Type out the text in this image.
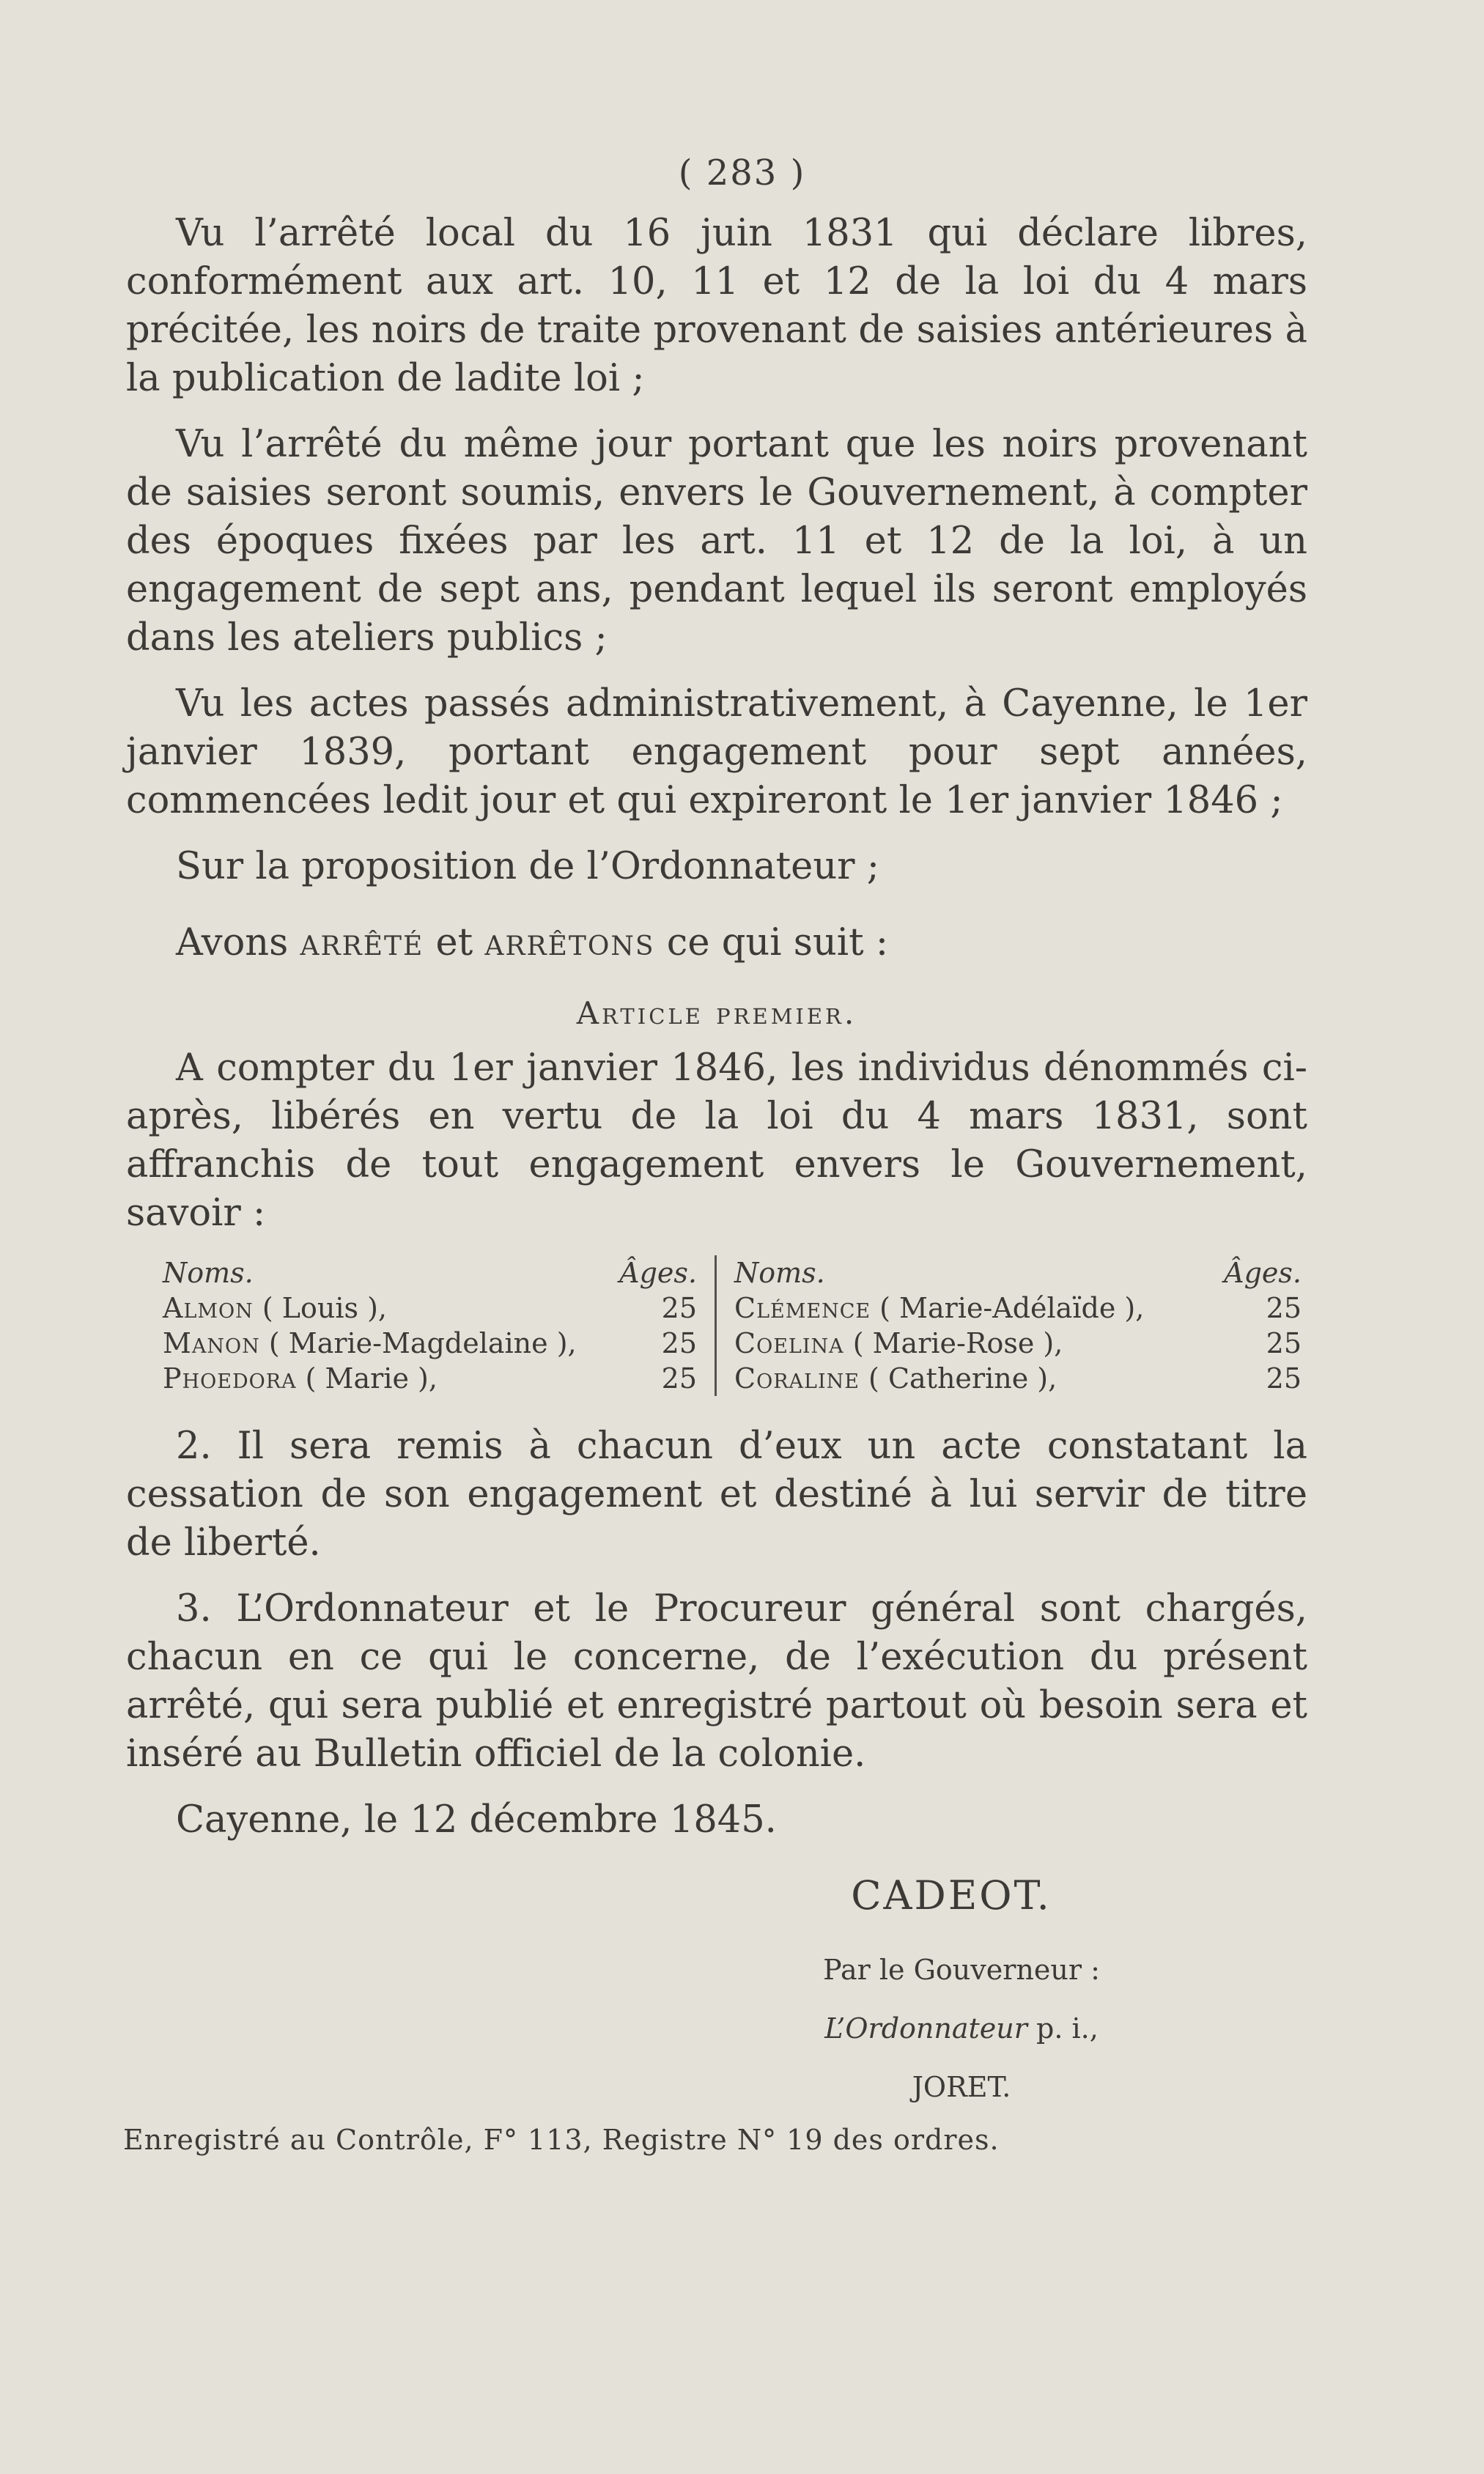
( 283 )

Vu l’arrêté local du 16 juin 1831 qui déclare libres, conformément aux art. 10, 11 et 12 de la loi du 4 mars précitée, les noirs de traite provenant de saisies antérieures à la publication de ladite loi ;

Vu l’arrêté du même jour portant que les noirs provenant de saisies seront soumis, envers le Gouvernement, à compter des époques fixées par les art. 11 et 12 de la loi, à un engagement de sept ans, pendant lequel ils seront employés dans les ateliers publics ;

Vu les actes passés administrativement, à Cayenne, le 1er janvier 1839, portant engagement pour sept années, commencées ledit jour et qui expireront le 1er janvier 1846 ;

Sur la proposition de l’Ordonnateur ;

Avons arrêté et arrêtons ce qui suit :

Article premier.

A compter du 1er janvier 1846, les individus dénommés ci-après, libérés en vertu de la loi du 4 mars 1831, sont affranchis de tout engagement envers le Gouvernement, savoir :

Noms.	Âges.
Almon ( Louis ),	25
Manon ( Marie-Magdelaine ),	25
Phoedora ( Marie ),	25
Noms.	Âges.
Clémence ( Marie-Adélaïde ),	25
Coelina ( Marie-Rose ),	25
Coraline ( Catherine ),	25

2. Il sera remis à chacun d’eux un acte constatant la cessation de son engagement et destiné à lui servir de titre de liberté.

3. L’Ordonnateur et le Procureur général sont chargés, chacun en ce qui le concerne, de l’exécution du présent arrêté, qui sera publié et enregistré partout où besoin sera et inséré au Bulletin officiel de la colonie.

Cayenne, le 12 décembre 1845.

CADEOT.
Par le Gouverneur :
L’Ordonnateur p. i.,
JORET.
Enregistré au Contrôle, F° 113, Registre N° 19 des ordres.
